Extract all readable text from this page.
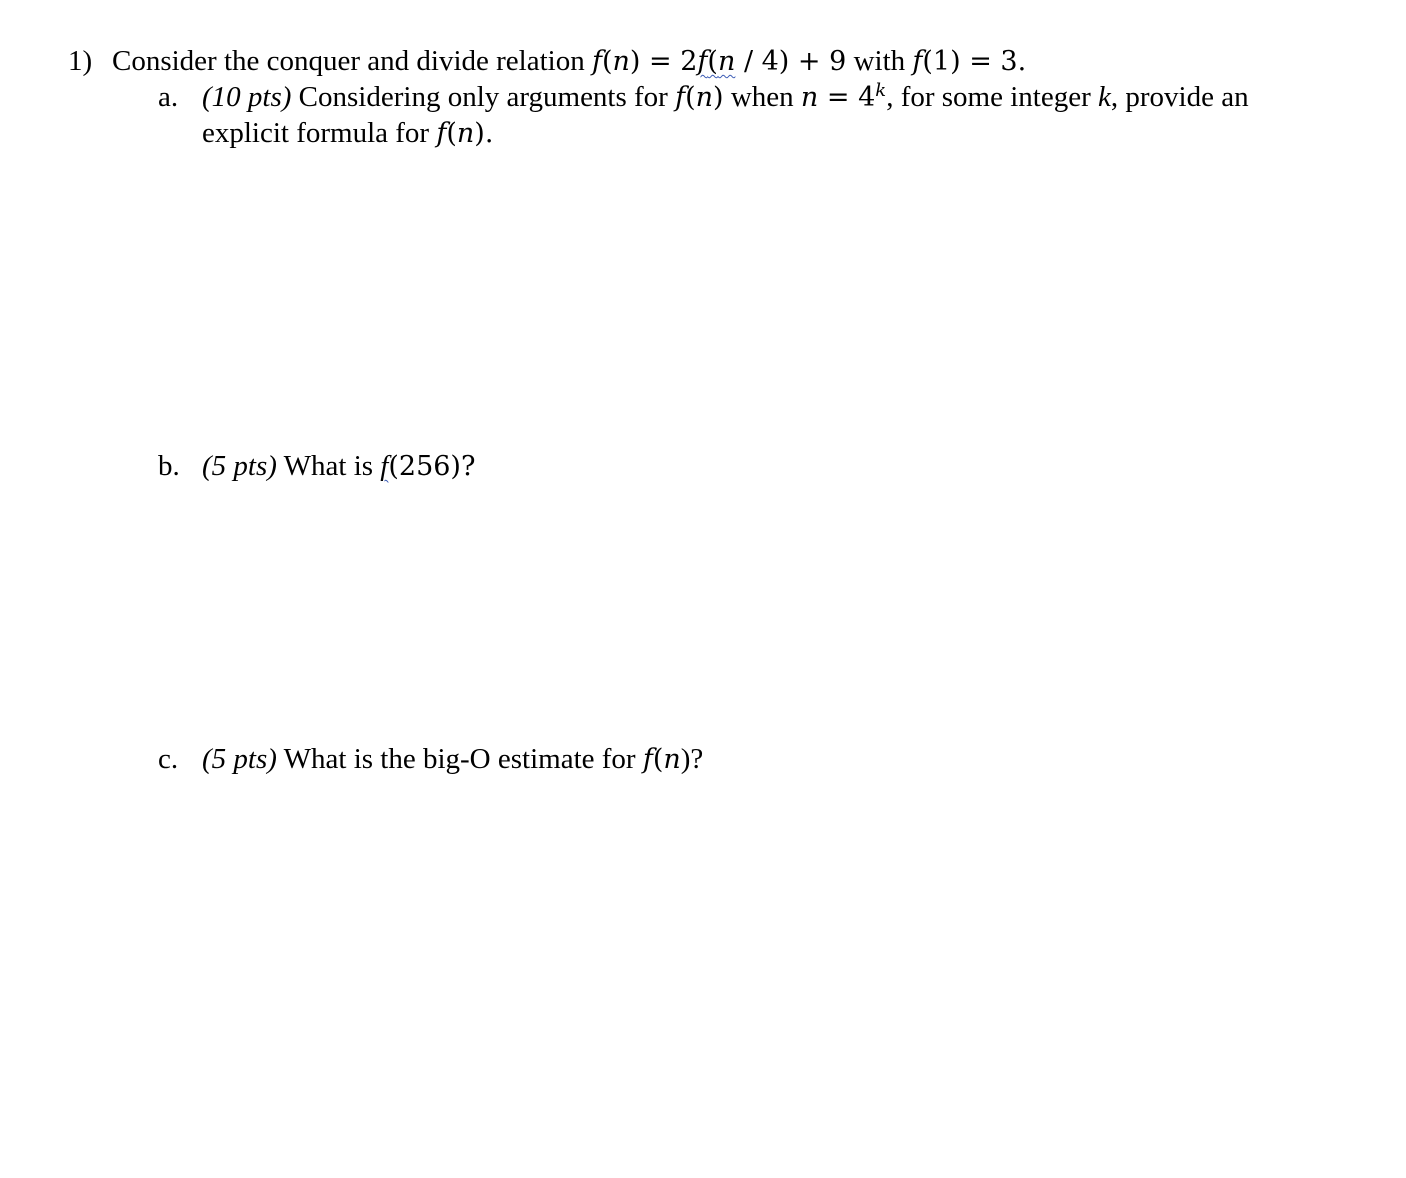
1) Consider the conquer and divide relation f(n) = 2f(n / 4) + 9 with f(1) = 3.
a. (10 pts) Considering only arguments for f(n) when $n = 4^k$, for some integer k, provide an
explicit formula for f(n).
b. (5 pts) What is f(256)?
c. (5 pts) What is the big-O estimate for f(n)?
